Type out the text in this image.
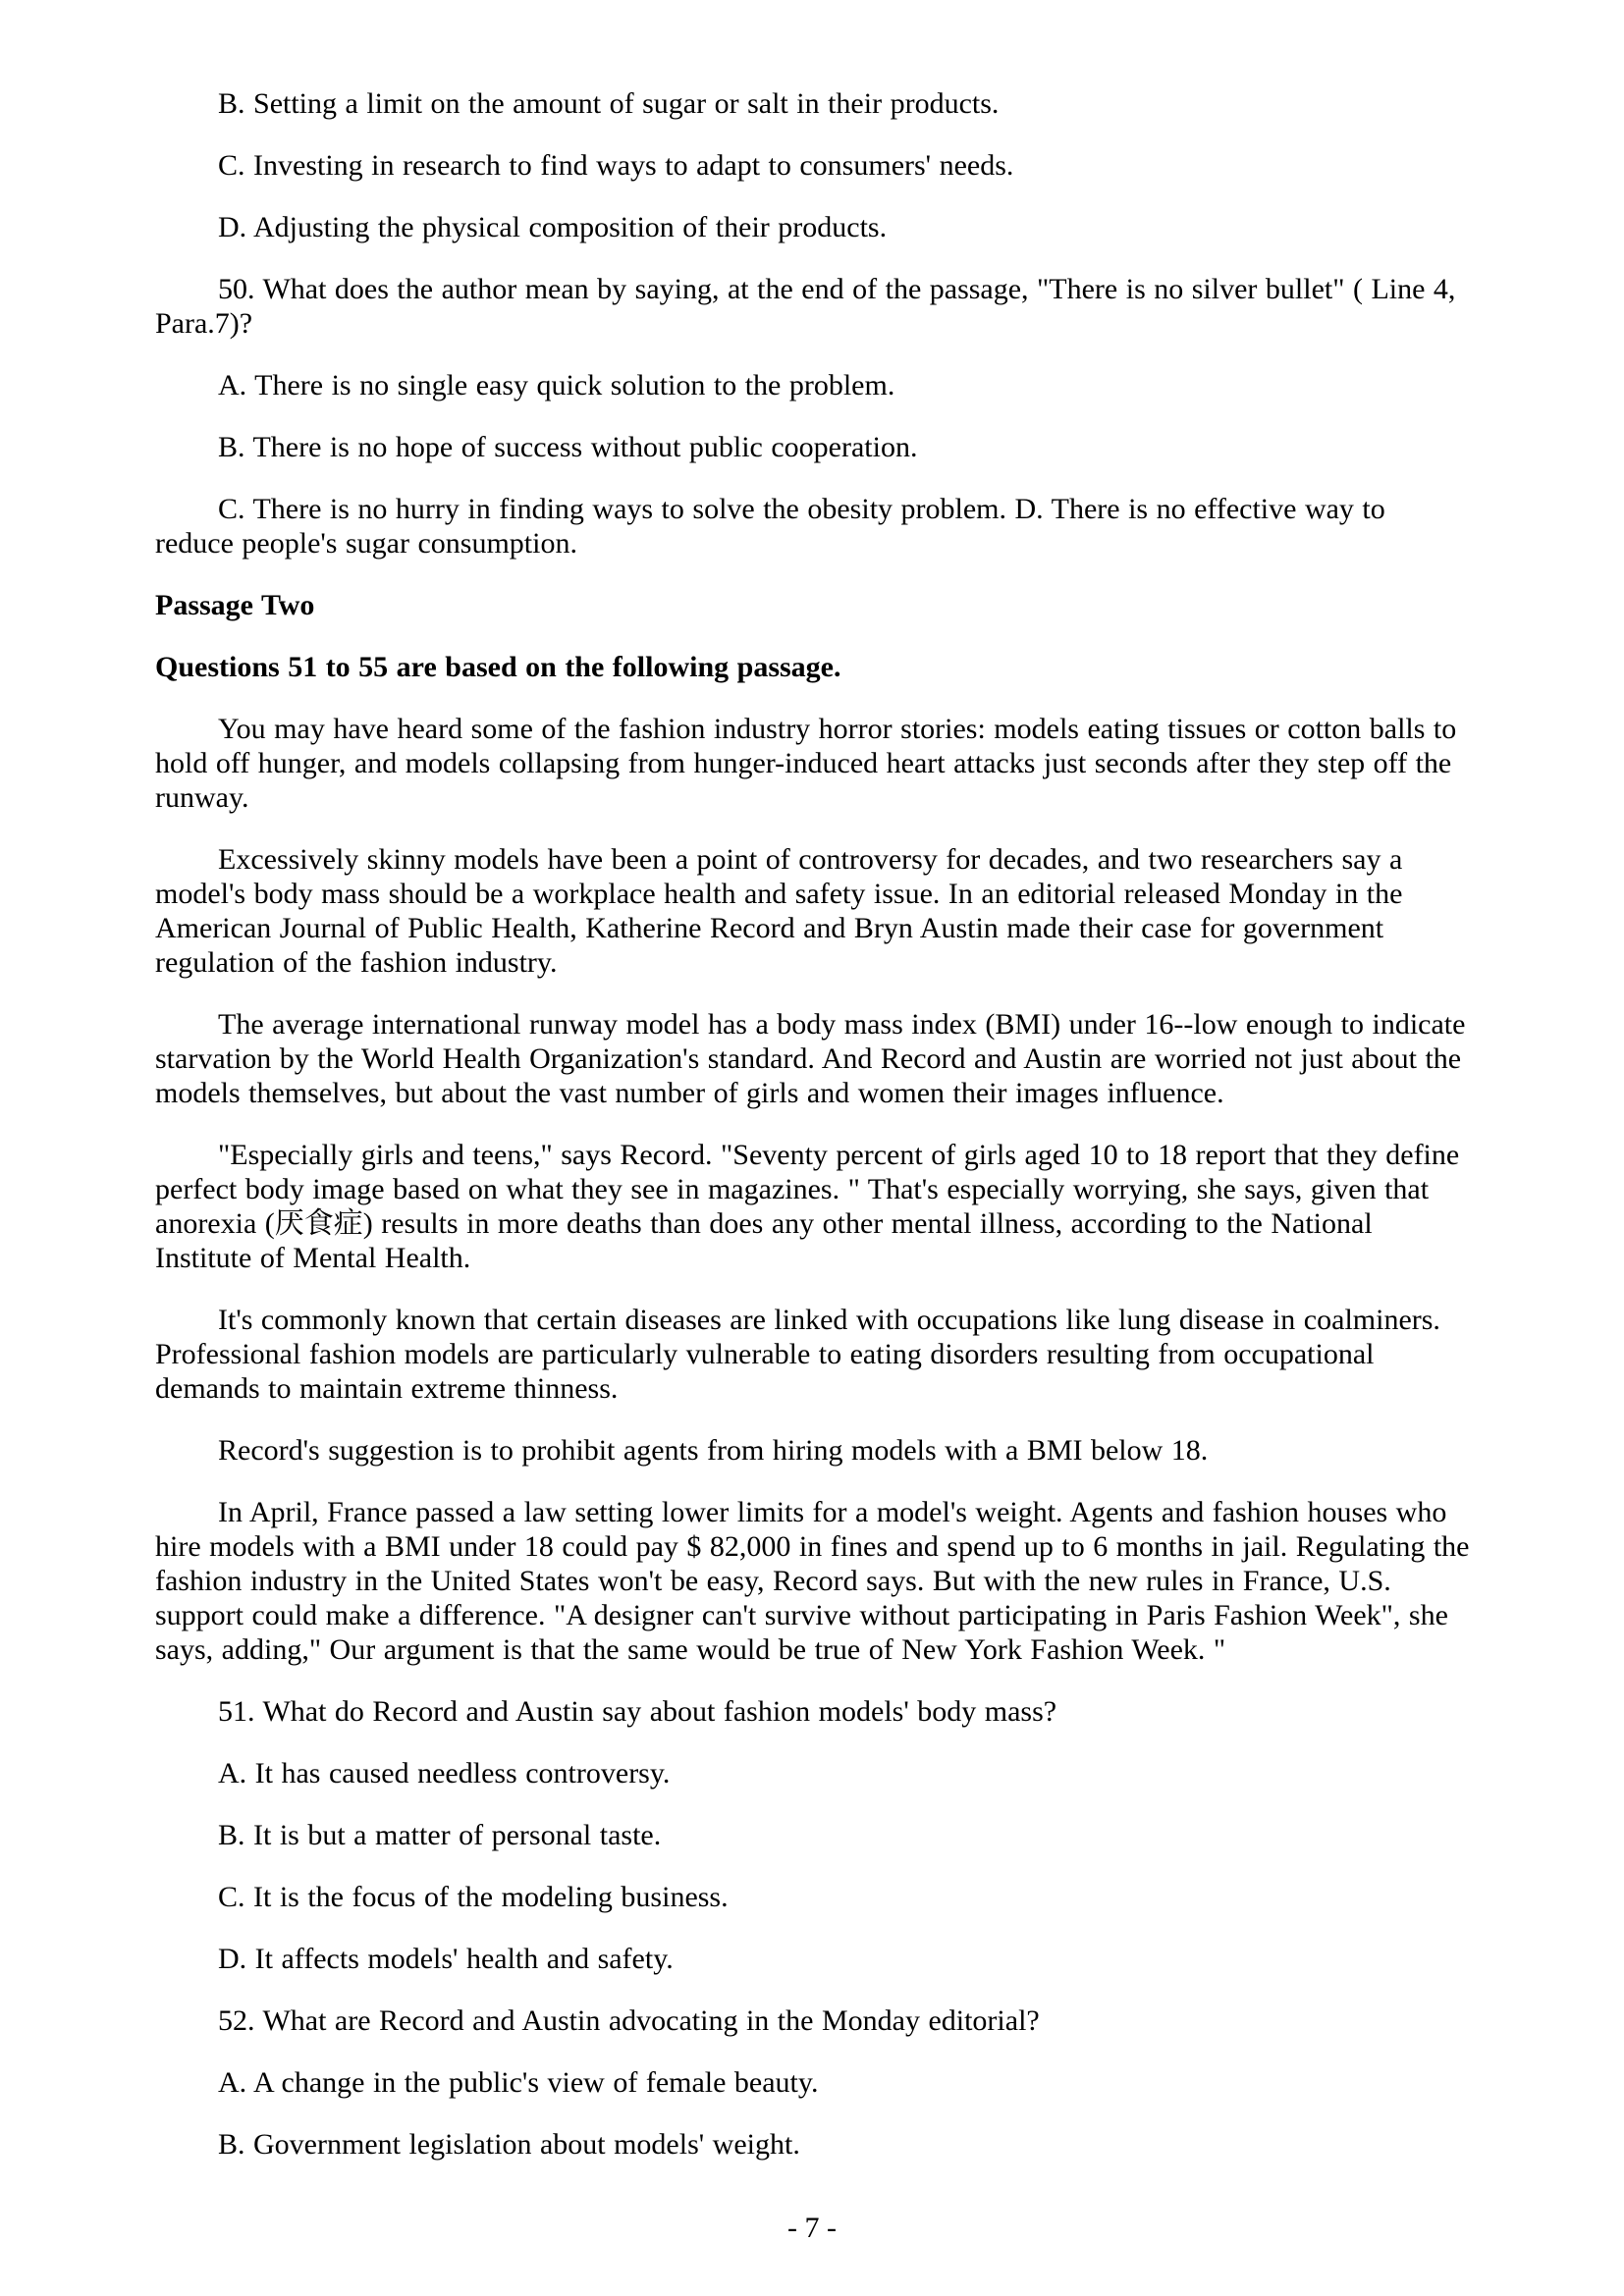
B. Setting a limit on the amount of sugar or salt in their products.

C. Investing in research to find ways to adapt to consumers' needs.

D. Adjusting the physical composition of their products.

50. What does the author mean by saying, at the end of the passage, "There is no silver bullet" ( Line 4, Para.7)?

A. There is no single easy quick solution to the problem.

B. There is no hope of success without public cooperation.

C. There is no hurry in finding ways to solve the obesity problem. D. There is no effective way to reduce people's sugar consumption.

Passage Two

Questions 51 to 55 are based on the following passage.

You may have heard some of the fashion industry horror stories: models eating tissues or cotton balls to hold off hunger, and models collapsing from hunger-induced heart attacks just seconds after they step off the runway.

Excessively skinny models have been a point of controversy for decades, and two researchers say a model's body mass should be a workplace health and safety issue. In an editorial released Monday in the American Journal of Public Health, Katherine Record and Bryn Austin made their case for government regulation of the fashion industry.

The average international runway model has a body mass index (BMI) under 16--low enough to indicate starvation by the World Health Organization's standard. And Record and Austin are worried not just about the models themselves, but about the vast number of girls and women their images influence.

"Especially girls and teens," says Record. "Seventy percent of girls aged 10 to 18 report that they define perfect body image based on what they see in magazines. " That's especially worrying, she says, given that anorexia (厌食症) results in more deaths than does any other mental illness, according to the National Institute of Mental Health.

It's commonly known that certain diseases are linked with occupations like lung disease in coalminers. Professional fashion models are particularly vulnerable to eating disorders resulting from occupational demands to maintain extreme thinness.

Record's suggestion is to prohibit agents from hiring models with a BMI below 18.

In April, France passed a law setting lower limits for a model's weight. Agents and fashion houses who hire models with a BMI under 18 could pay $ 82,000 in fines and spend up to 6 months in jail. Regulating the fashion industry in the United States won't be easy, Record says. But with the new rules in France, U.S. support could make a difference. "A designer can't survive without participating in Paris Fashion Week", she says, adding," Our argument is that the same would be true of New York Fashion Week. "

51. What do Record and Austin say about fashion models' body mass?

A. It has caused needless controversy.

B. It is but a matter of personal taste.

C. It is the focus of the modeling business.

D. It affects models' health and safety.

52. What are Record and Austin advocating in the Monday editorial?

A. A change in the public's view of female beauty.

B. Government legislation about models' weight.

- 7 -
